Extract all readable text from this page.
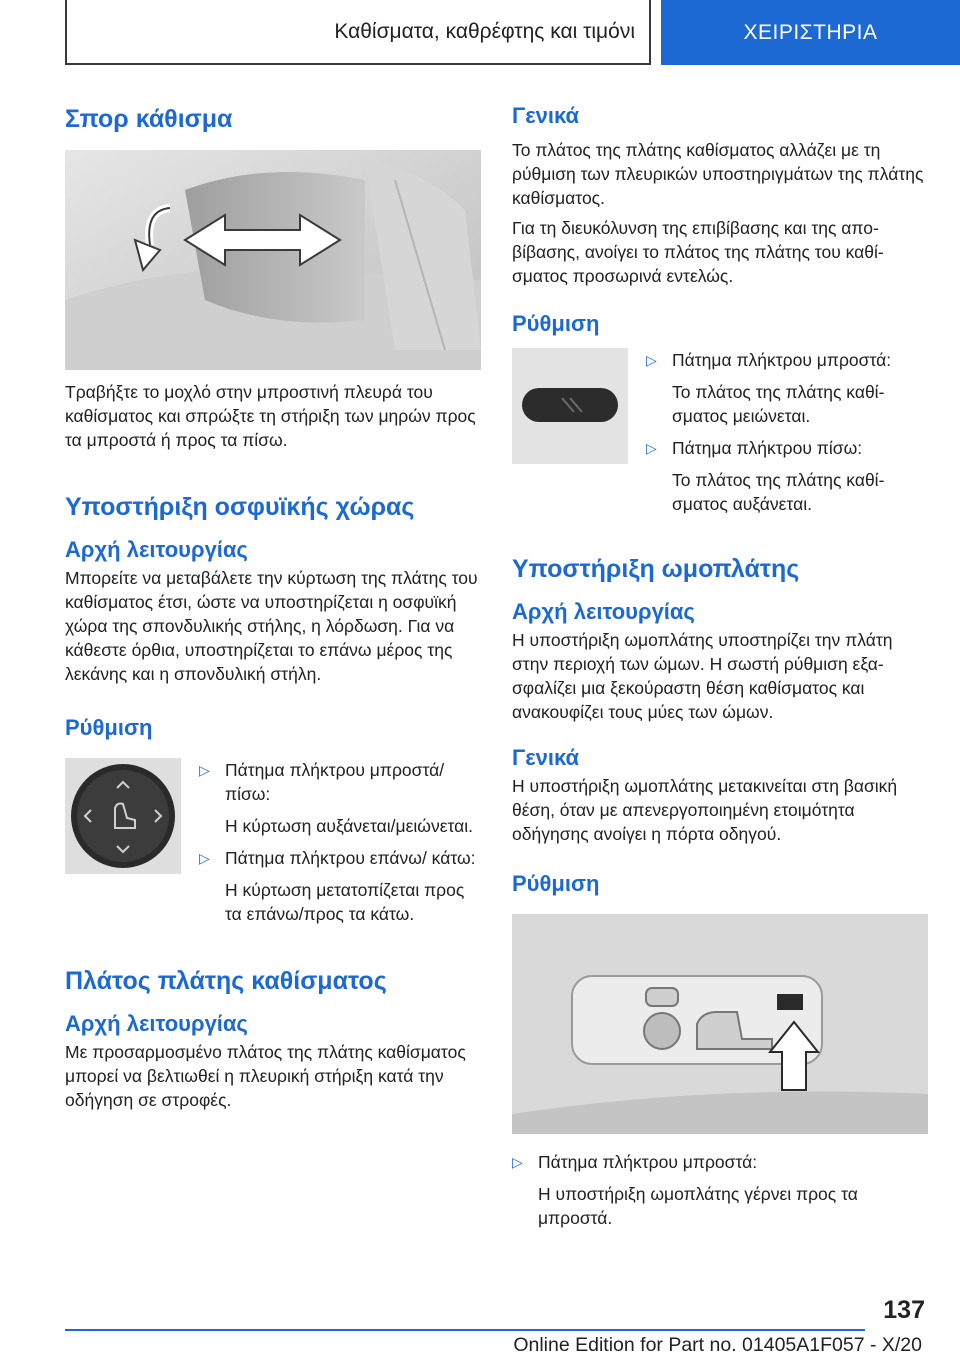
Καθίσματα, καθρέφτης και τιμόνι	ΧΕΙΡΙΣΤΗΡΙΑ
Σπορ κάθισμα

Τραβήξτε το μοχλό στην μπροστινή πλευρά του καθίσματος και σπρώξτε τη στήριξη των μηρών προς τα μπροστά ή προς τα πίσω.

Υποστήριξη οσφυϊκής χώρας
Αρχή λειτουργίας

Μπορείτε να μεταβάλετε την κύρτωση της πλάτης του καθίσματος έτσι, ώστε να υποστηρίζεται η οσφυϊκή χώρα της σπονδυλικής στήλης, η λόρδωση. Για να κάθεστε όρθια, υποστηρίζεται το επάνω μέρος της λεκάνης και η σπονδυλική στήλη.

Ρύθμιση
▷ Πάτημα πλήκτρου μπροστά/ πίσω:

Η κύρτωση αυξάνεται/μειώνεται.

▷ Πάτημα πλήκτρου επάνω/ κάτω:

Η κύρτωση μετατοπίζεται προς τα επάνω/προς τα κάτω.

Πλάτος πλάτης καθίσματος
Αρχή λειτουργίας

Με προσαρμοσμένο πλάτος της πλάτης καθίσματος μπορεί να βελτιωθεί η πλευρική στήριξη κατά την οδήγηση σε στροφές.

Γενικά

Το πλάτος της πλάτης καθίσματος αλλάζει με τη ρύθμιση των πλευρικών υποστηριγμάτων της πλάτης καθίσματος.

Για τη διευκόλυνση της επιβίβασης και της αποβίβασης, ανοίγει το πλάτος της πλάτης του καθίσματος προσωρινά εντελώς.

Ρύθμιση
▷ Πάτημα πλήκτρου μπροστά:

Το πλάτος της πλάτης καθίσματος μειώνεται.

▷ Πάτημα πλήκτρου πίσω:

Το πλάτος της πλάτης καθίσματος αυξάνεται.

Υποστήριξη ωμοπλάτης
Αρχή λειτουργίας

Η υποστήριξη ωμοπλάτης υποστηρίζει την πλάτη στην περιοχή των ώμων. Η σωστή ρύθμιση εξασφαλίζει μια ξεκούραστη θέση καθίσματος και ανακουφίζει τους μύες των ώμων.

Γενικά

Η υποστήριξη ωμοπλάτης μετακινείται στη βασική θέση, όταν με απενεργοποιημένη ετοιμότητα οδήγησης ανοίγει η πόρτα οδηγού.

Ρύθμιση
▷ Πάτημα πλήκτρου μπροστά:

Η υποστήριξη ωμοπλάτης γέρνει προς τα μπροστά.

137
Online Edition for Part no. 01405A1F057 - X/20
